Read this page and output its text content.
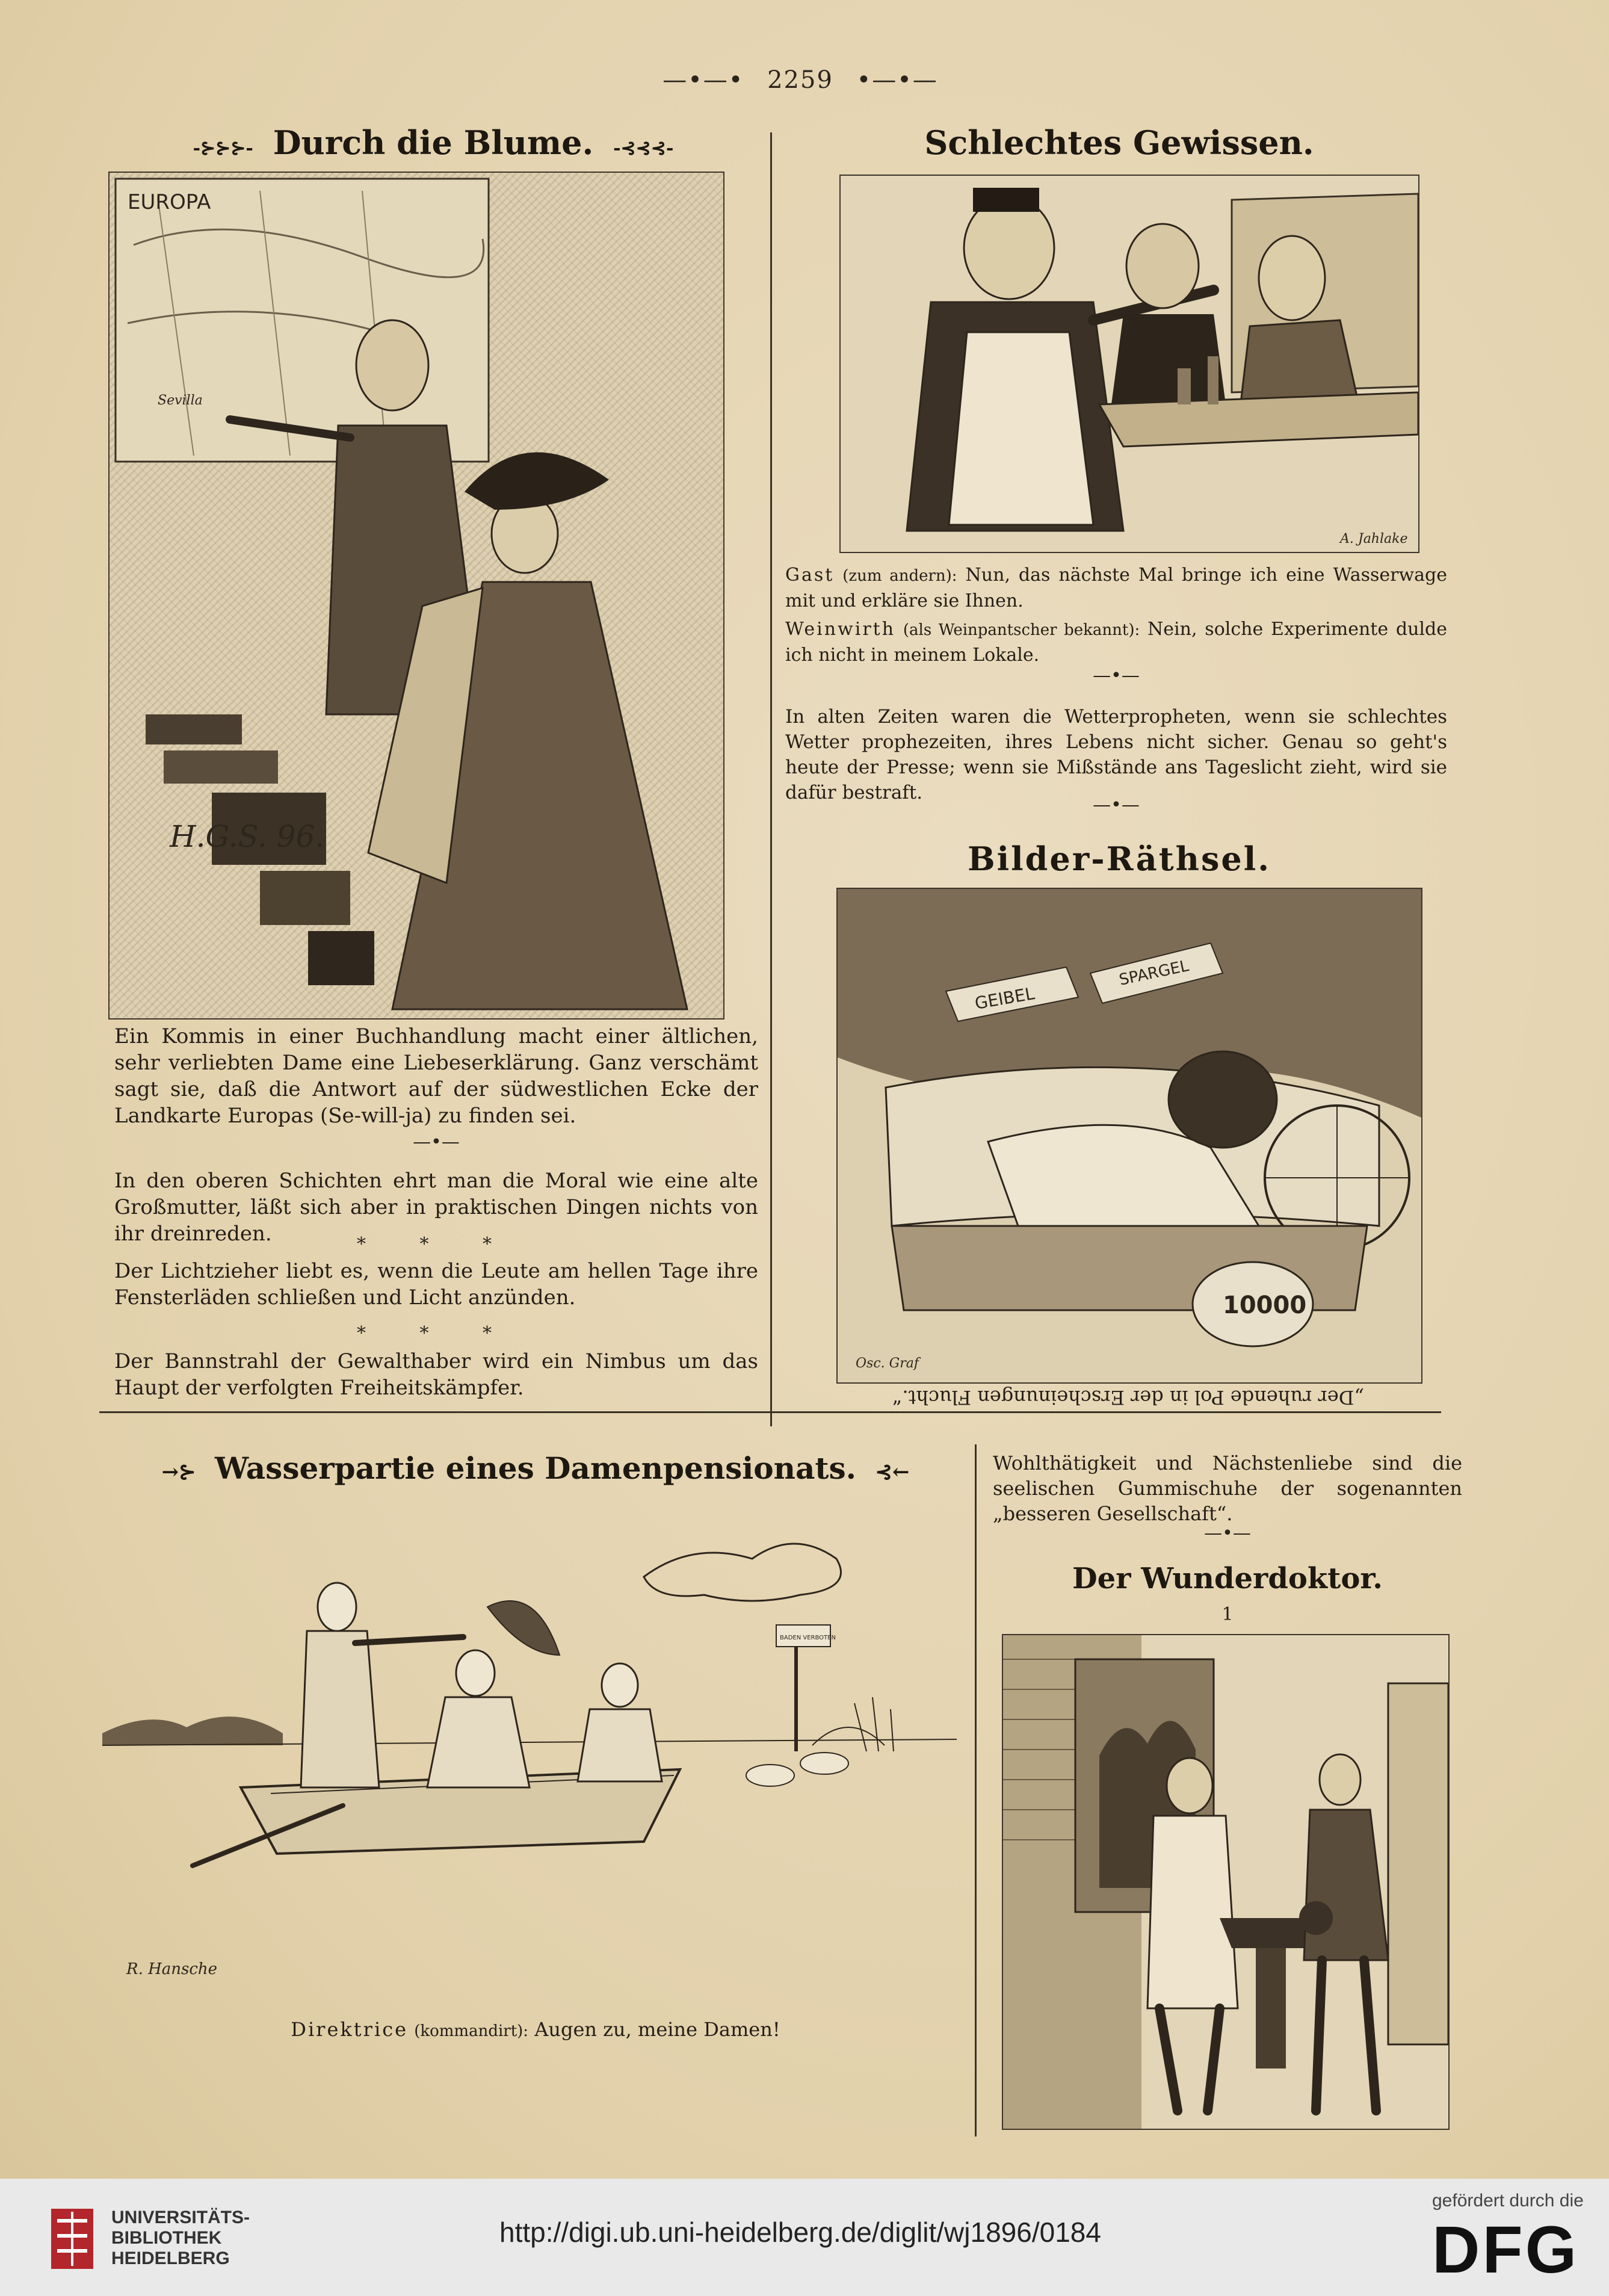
—•—• 2259 •—•—
-⊱⊱⊱- Durch die Blume. -⊰⊰⊰-
EUROPA
Sevilla
H.G.S. 96.
Ein Kommis in einer Buchhandlung macht einer ältlichen, sehr verliebten Dame eine Liebeserklärung. Ganz verschämt sagt sie, daß die Antwort auf der südwestlichen Ecke der Landkarte Europas (Se-will-ja) zu finden sei.
—•—
In den oberen Schichten ehrt man die Moral wie eine alte Großmutter, läßt sich aber in praktischen Dingen nichts von ihr dreinreden.	* * *
Der Lichtzieher liebt es, wenn die Leute am hellen Tage ihre Fensterläden schließen und Licht anzünden.
* * *
Der Bannstrahl der Gewalthaber wird ein Nimbus um das Haupt der verfolgten Freiheitskämpfer.
Schlechtes Gewissen.
A. Jahlake
Gast (zum andern): Nun, das nächste Mal bringe ich eine Wasserwage mit und erkläre sie Ihnen.
Weinwirth (als Weinpantscher bekannt): Nein, solche Experimente dulde ich nicht in meinem Lokale.
—•—
In alten Zeiten waren die Wetterpropheten, wenn sie schlechtes Wetter prophezeiten, ihres Lebens nicht sicher. Genau so geht's heute der Presse; wenn sie Mißstände ans Tageslicht zieht, wird sie dafür bestraft.
—•—
Bilder-Räthsel.
GEIBEL
SPARGEL
10000
Osc. Graf
„Der ruhende Pol in der Erscheinungen Flucht.“
→⊱ Wasserpartie eines Damenpensionats. ⊰←
BADEN VERBOTEN
R. Hansche
Direktrice (kommandirt): Augen zu, meine Damen!
Wohlthätigkeit und Nächstenliebe sind die seelischen Gummischuhe der sogenannten „besseren Gesellschaft“.
—•—
Der Wunderdoktor.
1
UNIVERSITÄTS-
BIBLIOTHEK
HEIDELBERG
http://digi.ub.uni-heidelberg.de/diglit/wj1896/0184
gefördert durch die
DFG
